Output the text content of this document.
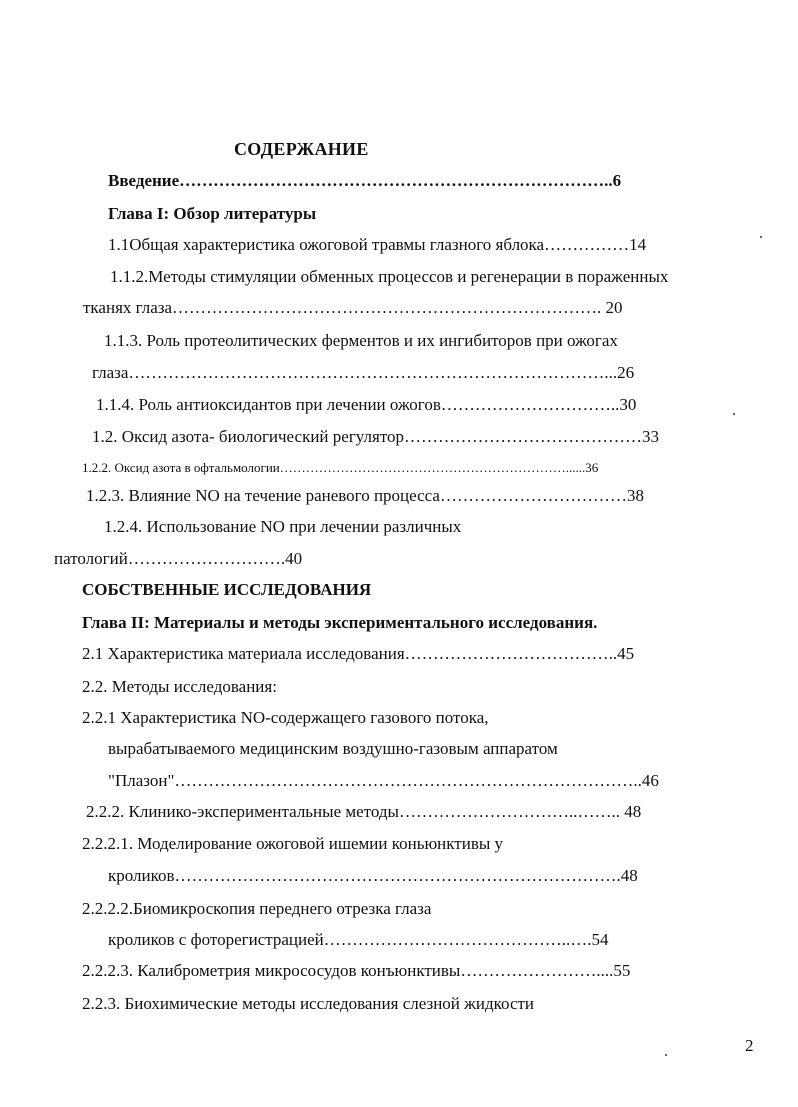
СОДЕРЖАНИЕ
Введение…………………………………………………………………..6
Глава I: Обзор литературы
1.1Общая характеристика ожоговой травмы глазного яблока……………14
1.1.2.Методы стимуляции обменных процессов и регенерации в пораженных
тканях глаза…………………………………………………………………. 20
1.1.3. Роль протеолитических ферментов и их ингибиторов при ожогах
глаза…………………………………………………………………………...26
1.1.4. Роль антиоксидантов при лечении ожогов…………………………..30
1.2. Оксид азота- биологический регулятор……………………………………33
1.2.2. Оксид азота в офтальмологии…………………………………………………………......36
1.2.3. Влияние NO на течение раневого процесса……………………………38
1.2.4. Использование NO при лечении различных
патологий……………………….40
СОБСТВЕННЫЕ ИССЛЕДОВАНИЯ
Глава II: Материалы и методы экспериментального исследования.
2.1 Характеристика материала исследования………………………………..45
2.2. Методы исследования:
2.2.1 Характеристика NO-содержащего газового потока,
вырабатываемого медицинским воздушно-газовым аппаратом
"Плазон"………………………………………………………………………..46
2.2.2. Клинико-экспериментальные методы…………………………..…….. 48
2.2.2.1. Моделирование ожоговой ишемии коньюнктивы у
кроликов…………………………………………………………………….48
2.2.2.2.Биомикроскопия переднего отрезка глаза
кроликов с фоторегистрацией……………………………………..….54
2.2.2.3. Калиброметрия микрососудов конъюнктивы……………………....55
2.2.3. Биохимические методы исследования слезной жидкости
2
